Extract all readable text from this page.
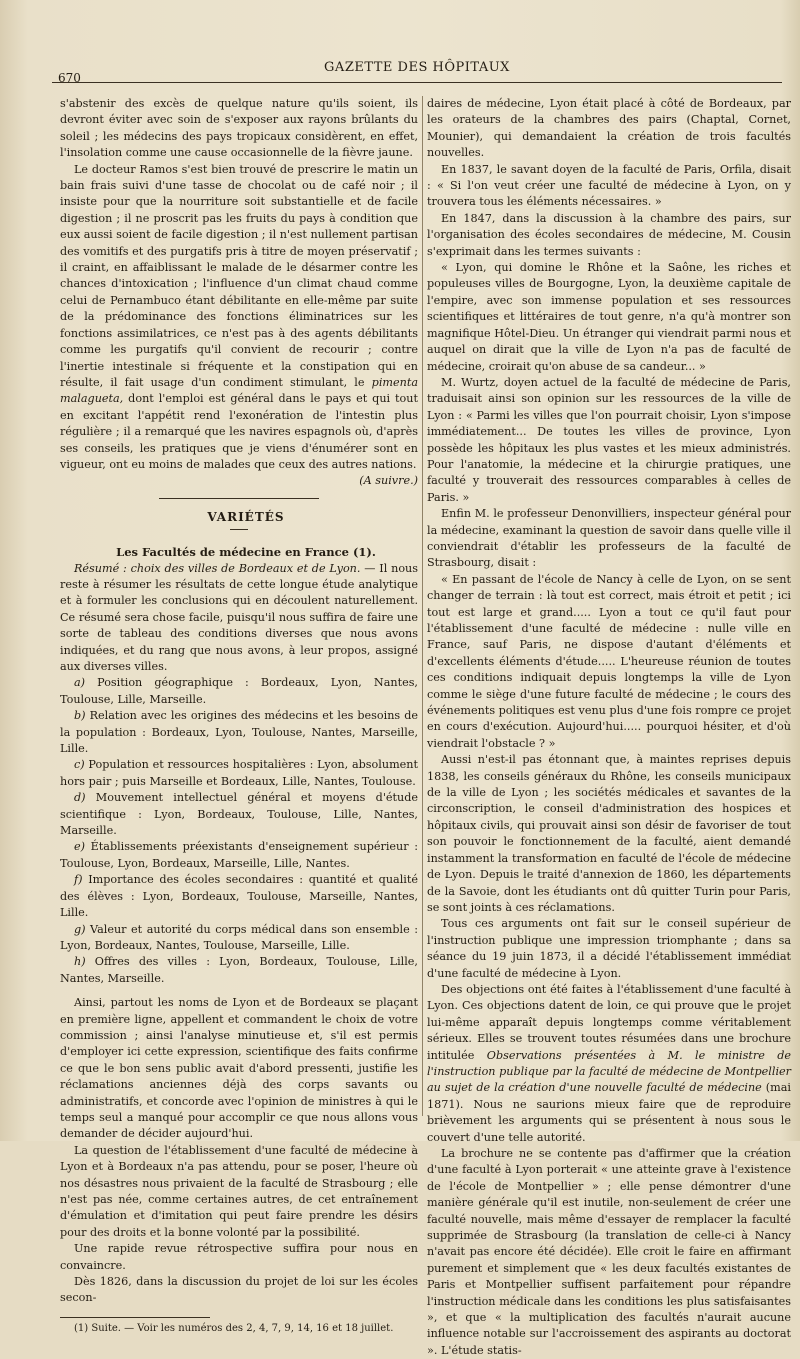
670
GAZETTE DES HÔPITAUX

s'abstenir des excès de quelque nature qu'ils soient, ils devront éviter avec soin de s'exposer aux rayons brûlants du soleil ; les médecins des pays tropicaux considèrent, en effet, l'insolation comme une cause occasionnelle de la fièvre jaune.

Le docteur Ramos s'est bien trouvé de prescrire le matin un bain frais suivi d'une tasse de chocolat ou de café noir ; il insiste pour que la nourriture soit substantielle et de facile digestion ; il ne proscrit pas les fruits du pays à condition que eux aussi soient de facile digestion ; il n'est nullement partisan des vomitifs et des purgatifs pris à titre de moyen préservatif ; il craint, en affaiblissant le malade de le désarmer contre les chances d'intoxication ; l'influence d'un climat chaud comme celui de Pernambuco étant débilitante en elle-même par suite de la prédominance des fonctions éliminatrices sur les fonctions assimilatrices, ce n'est pas à des agents débilitants comme les purgatifs qu'il convient de recourir ; contre l'inertie intestinale si fréquente et la constipation qui en résulte, il fait usage d'un condiment stimulant, le pimenta malagueta, dont l'emploi est général dans le pays et qui tout en excitant l'appétit rend l'exonération de l'intestin plus régulière ; il a remarqué que les navires espagnols où, d'après ses conseils, les pratiques que je viens d'énumérer sont en vigueur, ont eu moins de malades que ceux des autres nations.

(A suivre.)

VARIÉTÉS

Les Facultés de médecine en France (1).

Résumé : choix des villes de Bordeaux et de Lyon. — Il nous reste à résumer les résultats de cette longue étude analytique et à formuler les conclusions qui en découlent naturellement. Ce résumé sera chose facile, puisqu'il nous suffira de faire une sorte de tableau des conditions diverses que nous avons indiquées, et du rang que nous avons, à leur propos, assigné aux diverses villes.

a) Position géographique : Bordeaux, Lyon, Nantes, Toulouse, Lille, Marseille.

b) Relation avec les origines des médecins et les besoins de la population : Bordeaux, Lyon, Toulouse, Nantes, Marseille, Lille.

c) Population et ressources hospitalières : Lyon, absolument hors pair ; puis Marseille et Bordeaux, Lille, Nantes, Toulouse.

d) Mouvement intellectuel général et moyens d'étude scientifique : Lyon, Bordeaux, Toulouse, Lille, Nantes, Marseille.

e) Établissements préexistants d'enseignement supérieur : Toulouse, Lyon, Bordeaux, Marseille, Lille, Nantes.

f) Importance des écoles secondaires : quantité et qualité des élèves : Lyon, Bordeaux, Toulouse, Marseille, Nantes, Lille.

g) Valeur et autorité du corps médical dans son ensemble : Lyon, Bordeaux, Nantes, Toulouse, Marseille, Lille.

h) Offres des villes : Lyon, Bordeaux, Toulouse, Lille, Nantes, Marseille.

Ainsi, partout les noms de Lyon et de Bordeaux se plaçant en première ligne, appellent et commandent le choix de votre commission ; ainsi l'analyse minutieuse et, s'il est permis d'employer ici cette expression, scientifique des faits confirme ce que le bon sens public avait d'abord pressenti, justifie les réclamations anciennes déjà des corps savants ou administratifs, et concorde avec l'opinion de ministres à qui le temps seul a manqué pour accomplir ce que nous allons vous demander de décider aujourd'hui.

La question de l'établissement d'une faculté de médecine à Lyon et à Bordeaux n'a pas attendu, pour se poser, l'heure où nos désastres nous privaient de la faculté de Strasbourg ; elle n'est pas née, comme certaines autres, de cet entraînement d'émulation et d'imitation qui peut faire prendre les désirs pour des droits et la bonne volonté par la possibilité.

Une rapide revue rétrospective suffira pour nous en convaincre.

Dès 1826, dans la discussion du projet de loi sur les écoles secon-

(1) Suite. — Voir les numéros des 2, 4, 7, 9, 14, 16 et 18 juillet.

daires de médecine, Lyon était placé à côté de Bordeaux, par les orateurs de la chambres des pairs (Chaptal, Cornet, Mounier), qui demandaient la création de trois facultés nouvelles.

En 1837, le savant doyen de la faculté de Paris, Orfila, disait : « Si l'on veut créer une faculté de médecine à Lyon, on y trouvera tous les éléments nécessaires. »

En 1847, dans la discussion à la chambre des pairs, sur l'organisation des écoles secondaires de médecine, M. Cousin s'exprimait dans les termes suivants :

« Lyon, qui domine le Rhône et la Saône, les riches et populeuses villes de Bourgogne, Lyon, la deuxième capitale de l'empire, avec son immense population et ses ressources scientifiques et littéraires de tout genre, n'a qu'à montrer son magnifique Hôtel-Dieu. Un étranger qui viendrait parmi nous et auquel on dirait que la ville de Lyon n'a pas de faculté de médecine, croirait qu'on abuse de sa candeur... »

M. Wurtz, doyen actuel de la faculté de médecine de Paris, traduisait ainsi son opinion sur les ressources de la ville de Lyon : « Parmi les villes que l'on pourrait choisir, Lyon s'impose immédiatement... De toutes les villes de province, Lyon possède les hôpitaux les plus vastes et les mieux administrés. Pour l'anatomie, la médecine et la chirurgie pratiques, une faculté y trouverait des ressources comparables à celles de Paris. »

Enfin M. le professeur Denonvilliers, inspecteur général pour la médecine, examinant la question de savoir dans quelle ville il conviendrait d'établir les professeurs de la faculté de Strasbourg, disait :

« En passant de l'école de Nancy à celle de Lyon, on se sent changer de terrain : là tout est correct, mais étroit et petit ; ici tout est large et grand..... Lyon a tout ce qu'il faut pour l'établissement d'une faculté de médecine : nulle ville en France, sauf Paris, ne dispose d'autant d'éléments et d'excellents éléments d'étude..... L'heureuse réunion de toutes ces conditions indiquait depuis longtemps la ville de Lyon comme le siège d'une future faculté de médecine ; le cours des événements politiques est venu plus d'une fois rompre ce projet en cours d'exécution. Aujourd'hui..... pourquoi hésiter, et d'où viendrait l'obstacle ? »

Aussi n'est-il pas étonnant que, à maintes reprises depuis 1838, les conseils généraux du Rhône, les conseils municipaux de la ville de Lyon ; les sociétés médicales et savantes de la circonscription, le conseil d'administration des hospices et hôpitaux civils, qui prouvait ainsi son désir de favoriser de tout son pouvoir le fonctionnement de la faculté, aient demandé instamment la transformation en faculté de l'école de médecine de Lyon. Depuis le traité d'annexion de 1860, les départements de la Savoie, dont les étudiants ont dû quitter Turin pour Paris, se sont joints à ces réclamations.

Tous ces arguments ont fait sur le conseil supérieur de l'instruction publique une impression triomphante ; dans sa séance du 19 juin 1873, il a décidé l'établissement immédiat d'une faculté de médecine à Lyon.

Des objections ont été faites à l'établissement d'une faculté à Lyon. Ces objections datent de loin, ce qui prouve que le projet lui-même apparaît depuis longtemps comme véritablement sérieux. Elles se trouvent toutes résumées dans une brochure intitulée Observations présentées à M. le ministre de l'instruction publique par la faculté de médecine de Montpellier au sujet de la création d'une nouvelle faculté de médecine (mai 1871). Nous ne saurions mieux faire que de reproduire brièvement les arguments qui se présentent à nous sous le couvert d'une telle autorité.

La brochure ne se contente pas d'affirmer que la création d'une faculté à Lyon porterait « une atteinte grave à l'existence de l'école de Montpellier » ; elle pense démontrer d'une manière générale qu'il est inutile, non-seulement de créer une faculté nouvelle, mais même d'essayer de remplacer la faculté supprimée de Strasbourg (la translation de celle-ci à Nancy n'avait pas encore été décidée). Elle croit le faire en affirmant purement et simplement que « les deux facultés existantes de Paris et Montpellier suffisent parfaitement pour répandre l'instruction médicale dans les conditions les plus satisfaisantes », et que « la multiplication des facultés n'aurait aucune influence notable sur l'accroissement des aspirants au doctorat ». L'étude statis-
